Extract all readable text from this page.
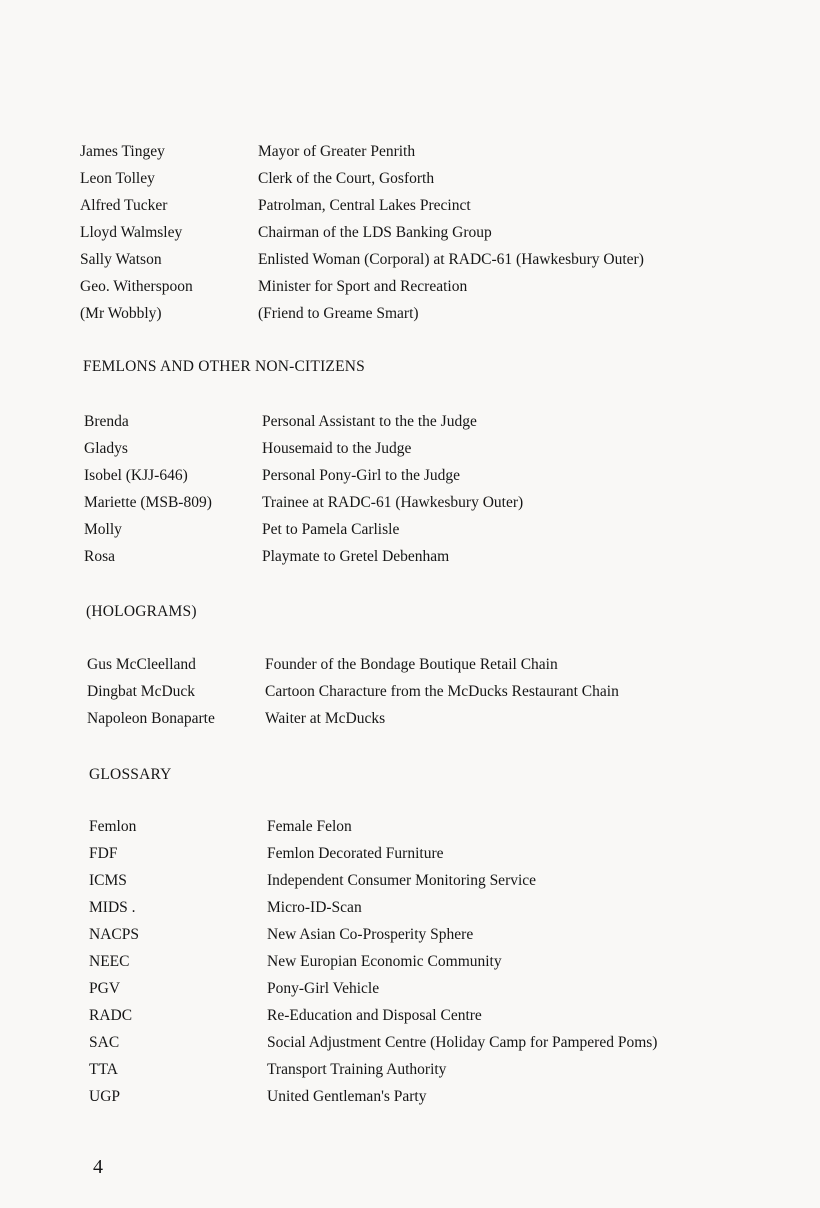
James Tingey	Mayor of Greater Penrith
Leon Tolley	Clerk of the Court, Gosforth
Alfred Tucker	Patrolman, Central Lakes Precinct
Lloyd Walmsley	Chairman of the LDS Banking Group
Sally Watson	Enlisted Woman (Corporal) at RADC-61 (Hawkesbury Outer)
Geo. Witherspoon	Minister for Sport and Recreation
(Mr Wobbly)	(Friend to Greame Smart)
FEMLONS AND OTHER NON-CITIZENS
Brenda	Personal Assistant to the the Judge
Gladys	Housemaid to the Judge
Isobel (KJJ-646)	Personal Pony-Girl to the Judge
Mariette (MSB-809)	Trainee at RADC-61 (Hawkesbury Outer)
Molly	Pet to Pamela Carlisle
Rosa	Playmate to Gretel Debenham
(HOLOGRAMS)
Gus McCleelland	Founder of the Bondage Boutique Retail Chain
Dingbat McDuck	Cartoon Characture from the McDucks Restaurant Chain
Napoleon Bonaparte	Waiter at McDucks
GLOSSARY
Femlon	Female Felon
FDF	Femlon Decorated Furniture
ICMS	Independent Consumer Monitoring Service
MIDS .	Micro-ID-Scan
NACPS	New Asian Co-Prosperity Sphere
NEEC	New Europian Economic Community
PGV	Pony-Girl Vehicle
RADC	Re-Education and Disposal Centre
SAC	Social Adjustment Centre (Holiday Camp for Pampered Poms)
TTA	Transport Training Authority
UGP	United Gentleman's Party
4
